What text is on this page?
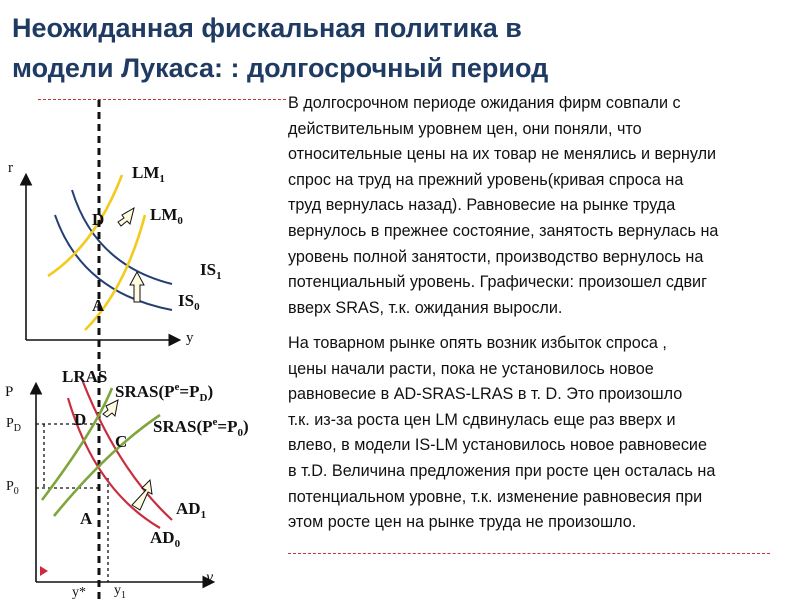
Неожиданная фискальная политика в
модели Лукаса: : долгосрочный период
r
y
$LM_1$
$LM_0$
$IS_1$
$IS_0$
D
A
P
y
LRAS
$SRAS(P^e=P_D)$
$SRAS(P^e=P_0)$
$AD_1$
$AD_0$
$P_D$
$P_0$
D
C
A
y* $y_1$
В долгосрочном периоде ожидания фирм совпали с
действительным уровнем цен, они поняли, что
относительные цены на их товар не менялись и вернули
спрос на труд на прежний уровень(кривая спроса на
труд вернулась назад). Равновесие на рынке труда
вернулось в прежнее состояние, занятость вернулась на
уровень полной занятости, производство вернулось на
потенциальный уровень. Графически: произошел сдвиг
вверх SRAS, т.к. ожидания выросли.
На товарном рынке опять возник избыток спроса ,
цены начали расти, пока не установилось новое
равновесие в AD-SRAS-LRAS в т. D. Это произошло
т.к. из-за роста цен LM сдвинулась еще раз вверх и
влево, в модели IS-LM установилось новое равновесие
в т.D. Величина предложения при росте цен осталась на
потенциальном уровне, т.к. изменение равновесия при
этом росте цен на рынке труда не произошло.
